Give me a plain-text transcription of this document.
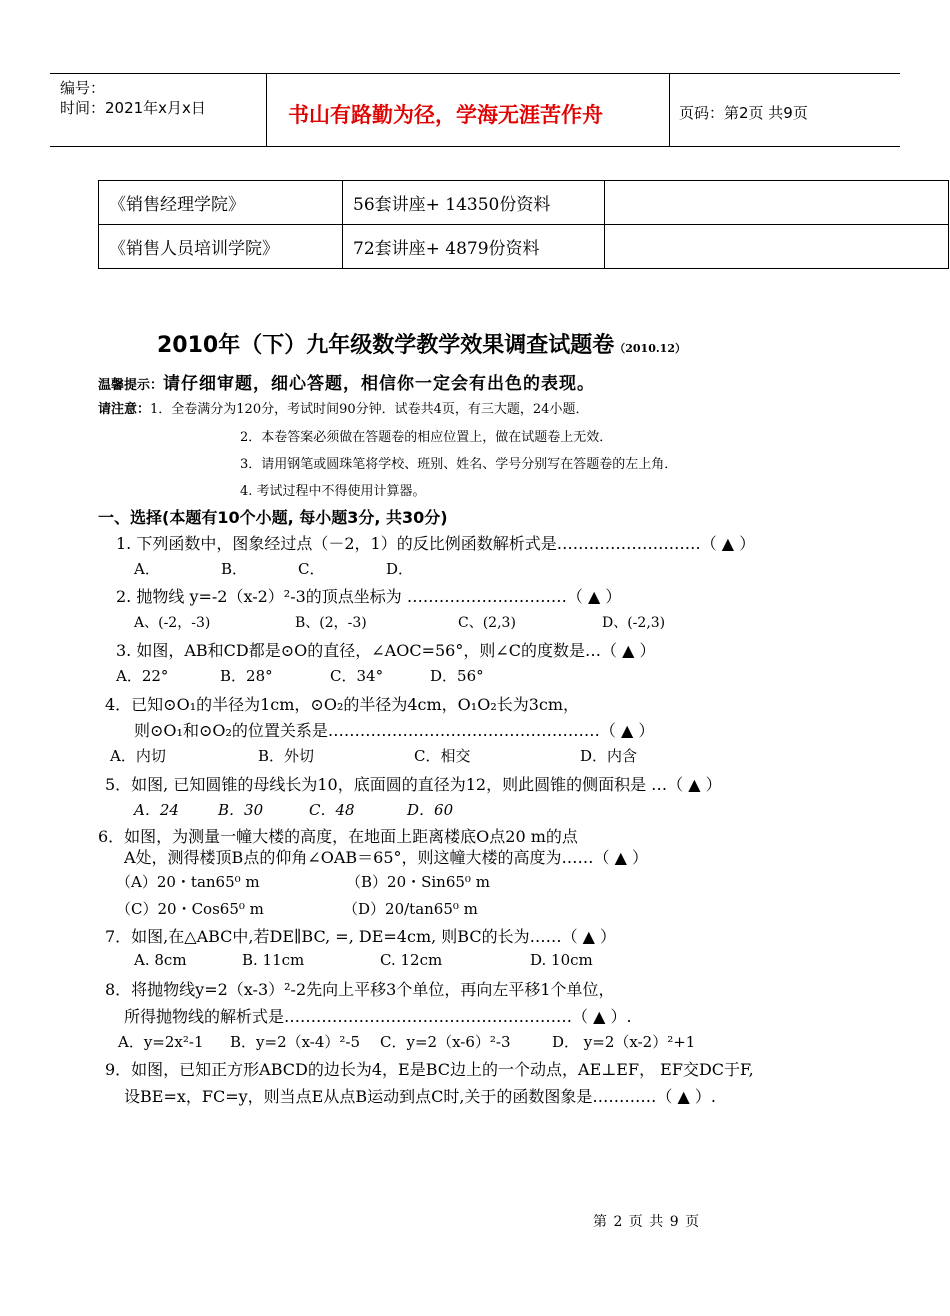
编号：
时间：2021年x月x日	书山有路勤为径，学海无涯苦作舟	页码：第2页 共9页
《销售经理学院》	56套讲座+ 14350份资料	
《销售人员培训学院》	72套讲座+ 4879份资料	
2010年（下）九年级数学教学效果调查试题卷（2010.12）
温馨提示：请仔细审题，细心答题，相信你一定会有出色的表现。
请注意：1．全卷满分为120分，考试时间90分钟．试卷共4页，有三大题，24小题．
2．本卷答案必须做在答题卷的相应位置上，做在试题卷上无效．
3．请用钢笔或圆珠笔将学校、班别、姓名、学号分别写在答题卷的左上角．
4. 考试过程中不得使用计算器。
一、选择(本题有10个小题, 每小题3分, 共30分)
1. 下列函数中，图象经过点（－2，1）的反比例函数解析式是………………………（ ▲ ）
A．	B．	C．	D．
2. 抛物线 y=-2（x-2）²-3的顶点坐标为 …………………………（ ▲ ）
A、(-2，-3)	B、(2，-3)	C、(2,3)	D、(-2,3)
3. 如图，AB和CD都是⊙O的直径，∠AOC=56°，则∠C的度数是…（ ▲ ）
A．22°	B．28°	C．34°	D．56°
4．已知⊙O₁的半径为1cm，⊙O₂的半径为4cm，O₁O₂长为3cm，
则⊙O₁和⊙O₂的位置关系是……………………………………………（ ▲ ）
A．内切	B．外切	C．相交	D．内含
5．如图, 已知圆锥的母线长为10，底面圆的直径为12，则此圆锥的侧面积是 …（ ▲ ）
A．24	B．30	C．48	D．60
6．如图，为测量一幢大楼的高度，在地面上距离楼底O点20 m的点
A处，测得楼顶B点的仰角∠OAB＝65°，则这幢大楼的高度为……（ ▲ ）
（A）20・tan65⁰ m	（B）20・Sin65⁰ m
（C）20・Cos65⁰ m	（D）20/tan65⁰ m
7．如图,在△ABC中,若DE∥BC, =, DE=4cm, 则BC的长为……（ ▲ ）
A. 8cm	B. 11cm	C. 12cm	D. 10cm
8．将抛物线y=2（x-3）²-2先向上平移3个单位，再向左平移1个单位，
所得抛物线的解析式是………………………………………………（ ▲ ）.
A．y=2x²-1 B．y=2（x-4）²-5 C．y=2（x-6）²-3	D． y=2（x-2）²+1
9．如图，已知正方形ABCD的边长为4，E是BC边上的一个动点，AE⊥EF， EF交DC于F,
设BE=x，FC=y，则当点E从点B运动到点C时,关于的函数图象是…………（ ▲ ）.
第 2 页 共 9 页
